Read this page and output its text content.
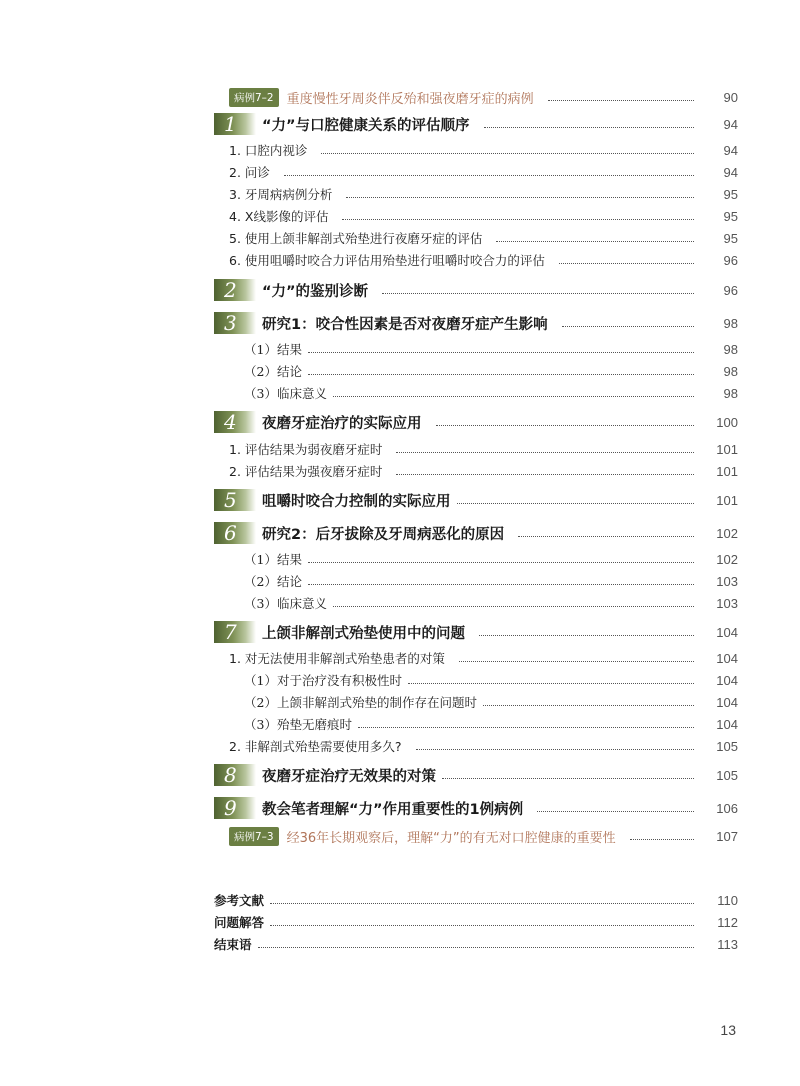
病例7–2	重度慢性牙周炎伴反殆和强夜磨牙症的病例	90
1 “力”与口腔健康关系的评估顺序	94
1. 口腔内视诊	94
2. 问诊	94
3. 牙周病病例分析	95
4. X线影像的评估	95
5. 使用上颌非解剖式殆垫进行夜磨牙症的评估	95
6. 使用咀嚼时咬合力评估用殆垫进行咀嚼时咬合力的评估	96
2 “力”的鉴别诊断	96
3 研究1：咬合性因素是否对夜磨牙症产生影响	98
（1）结果	98
（2）结论	98
（3）临床意义	98
4 夜磨牙症治疗的实际应用	100
1. 评估结果为弱夜磨牙症时	101
2. 评估结果为强夜磨牙症时	101
5 咀嚼时咬合力控制的实际应用	101
6 研究2：后牙拔除及牙周病恶化的原因	102
（1）结果	102
（2）结论	103
（3）临床意义	103
7 上颌非解剖式殆垫使用中的问题	104
1. 对无法使用非解剖式殆垫患者的对策	104
（1）对于治疗没有积极性时	104
（2）上颌非解剖式殆垫的制作存在问题时	104
（3）殆垫无磨痕时	104
2. 非解剖式殆垫需要使用多久?	105
8 夜磨牙症治疗无效果的对策	105
9 教会笔者理解“力”作用重要性的1例病例	106
病例7–3	经36年长期观察后，理解“力”的有无对口腔健康的重要性	107
参考文献	110
问题解答	112
结束语	113
13
